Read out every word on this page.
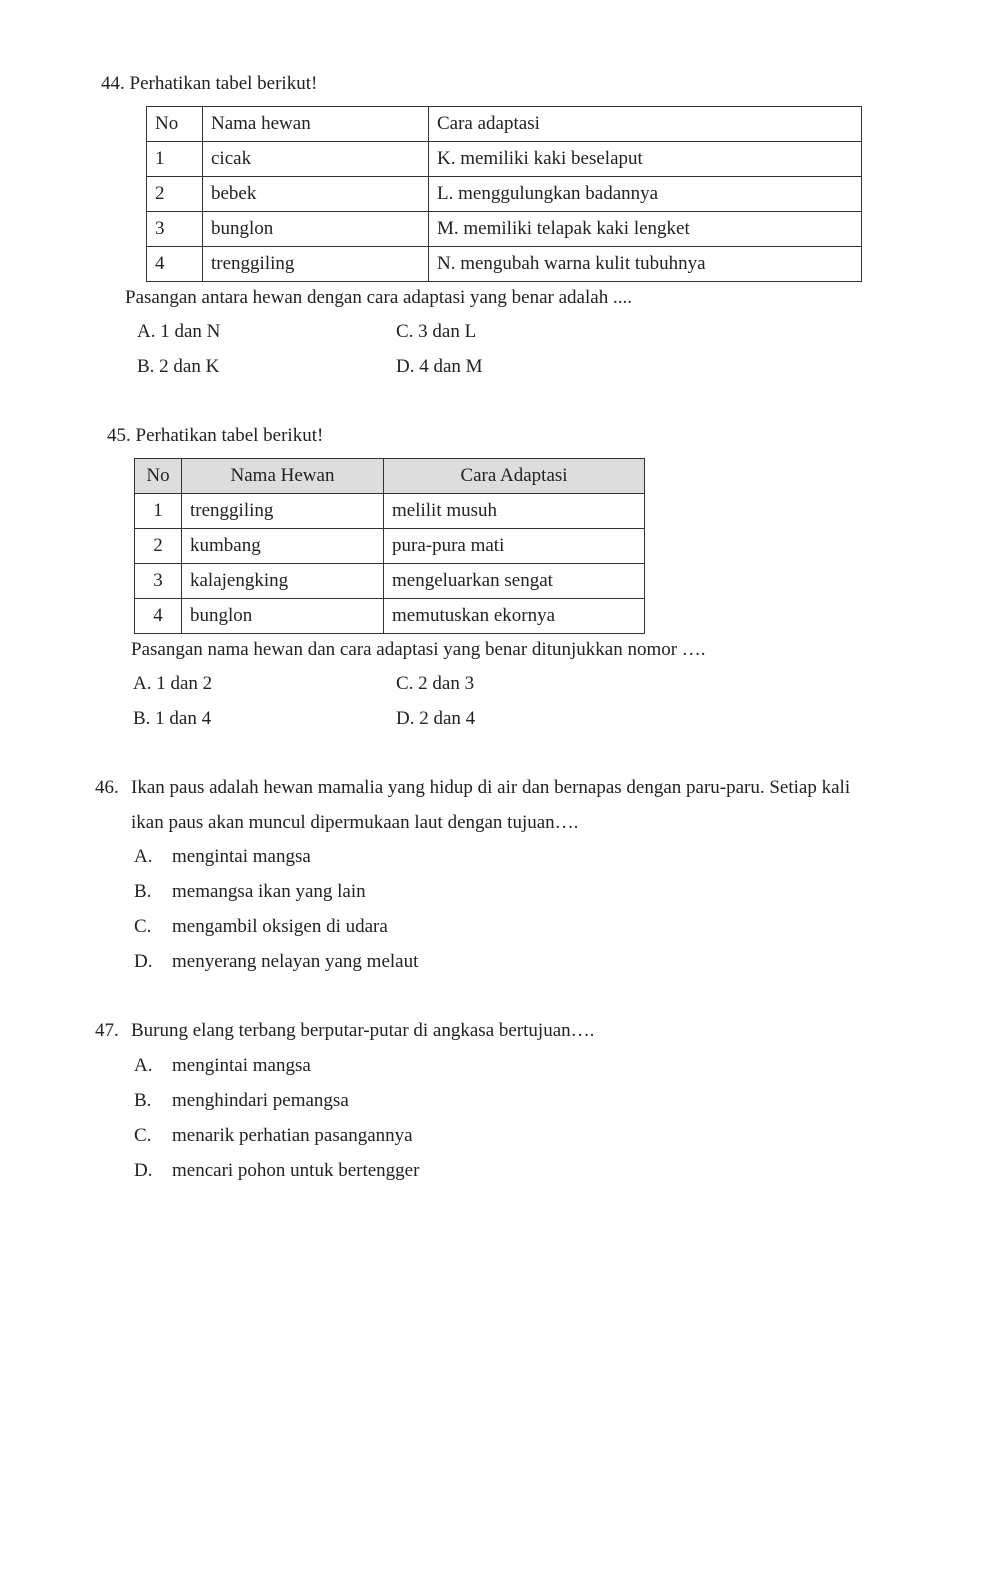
44. Perhatikan tabel berikut!
No	Nama hewan	Cara adaptasi
1	cicak	K. memiliki kaki beselaput
2	bebek	L. menggulungkan badannya
3	bunglon	M. memiliki telapak kaki lengket
4	trenggiling	N. mengubah warna kulit tubuhnya
Pasangan antara hewan dengan cara adaptasi yang benar adalah ....
A. 1 dan N	C. 3 dan L
B. 2 dan K	D. 4 dan M
45. Perhatikan tabel berikut!
No	Nama Hewan	Cara Adaptasi
1	trenggiling	melilit musuh
2	kumbang	pura-pura mati
3	kalajengking	mengeluarkan sengat
4	bunglon	memutuskan ekornya
Pasangan nama hewan dan cara adaptasi yang benar ditunjukkan nomor ….
A. 1 dan 2	C. 2 dan 3
B. 1 dan 4	D. 2 dan 4
46. Ikan paus adalah hewan mamalia yang hidup di air dan bernapas dengan paru-paru. Setiap kali
ikan paus akan muncul dipermukaan laut dengan tujuan….
A. mengintai mangsa
B. memangsa ikan yang lain
C. mengambil oksigen di udara
D. menyerang nelayan yang melaut
47. Burung elang terbang berputar-putar di angkasa bertujuan….
A. mengintai mangsa
B. menghindari pemangsa
C. menarik perhatian pasangannya
D. mencari pohon untuk bertengger
